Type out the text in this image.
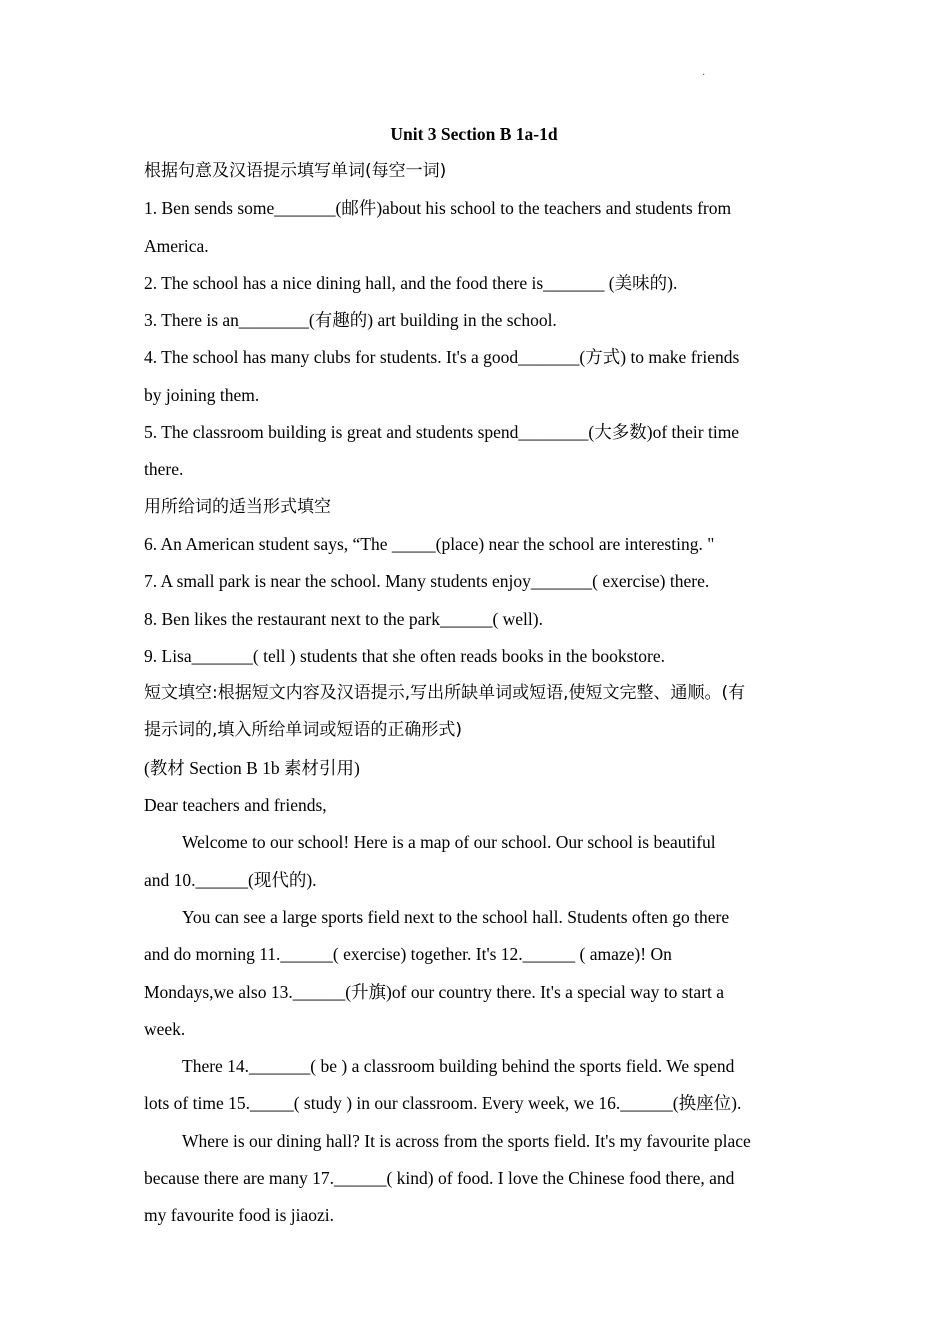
·
Unit 3 Section B 1a-1d
根据句意及汉语提示填写单词(每空一词)
1. Ben sends some_______(邮件)about his school to the teachers and students from
America.
2. The school has a nice dining hall, and the food there is_______ (美味的).
3. There is an________(有趣的) art building in the school.
4. The school has many clubs for students. It's a good_______(方式) to make friends
by joining them.
5. The classroom building is great and students spend________(大多数)of their time
there.
用所给词的适当形式填空
6. An American student says, “The _____(place) near the school are interesting. "
7. A small park is near the school. Many students enjoy_______( exercise) there.
8. Ben likes the restaurant next to the park______( well).
9. Lisa_______( tell ) students that she often reads books in the bookstore.
短文填空:根据短文内容及汉语提示,写出所缺单词或短语,使短文完整、通顺。(有
提示词的,填入所给单词或短语的正确形式)
(教材 Section B 1b 素材引用)
Dear teachers and friends,
Welcome to our school! Here is a map of our school. Our school is beautiful
and 10.______(现代的).
You can see a large sports field next to the school hall. Students often go there
and do morning 11.______( exercise) together. It's 12.______ ( amaze)! On
Mondays,we also 13.______(升旗)of our country there. It's a special way to start a
week.
There 14._______( be ) a classroom building behind the sports field. We spend
lots of time 15._____( study ) in our classroom. Every week, we 16.______(换座位).
Where is our dining hall? It is across from the sports field. It's my favourite place
because there are many 17.______( kind) of food. I love the Chinese food there, and
my favourite food is jiaozi.
